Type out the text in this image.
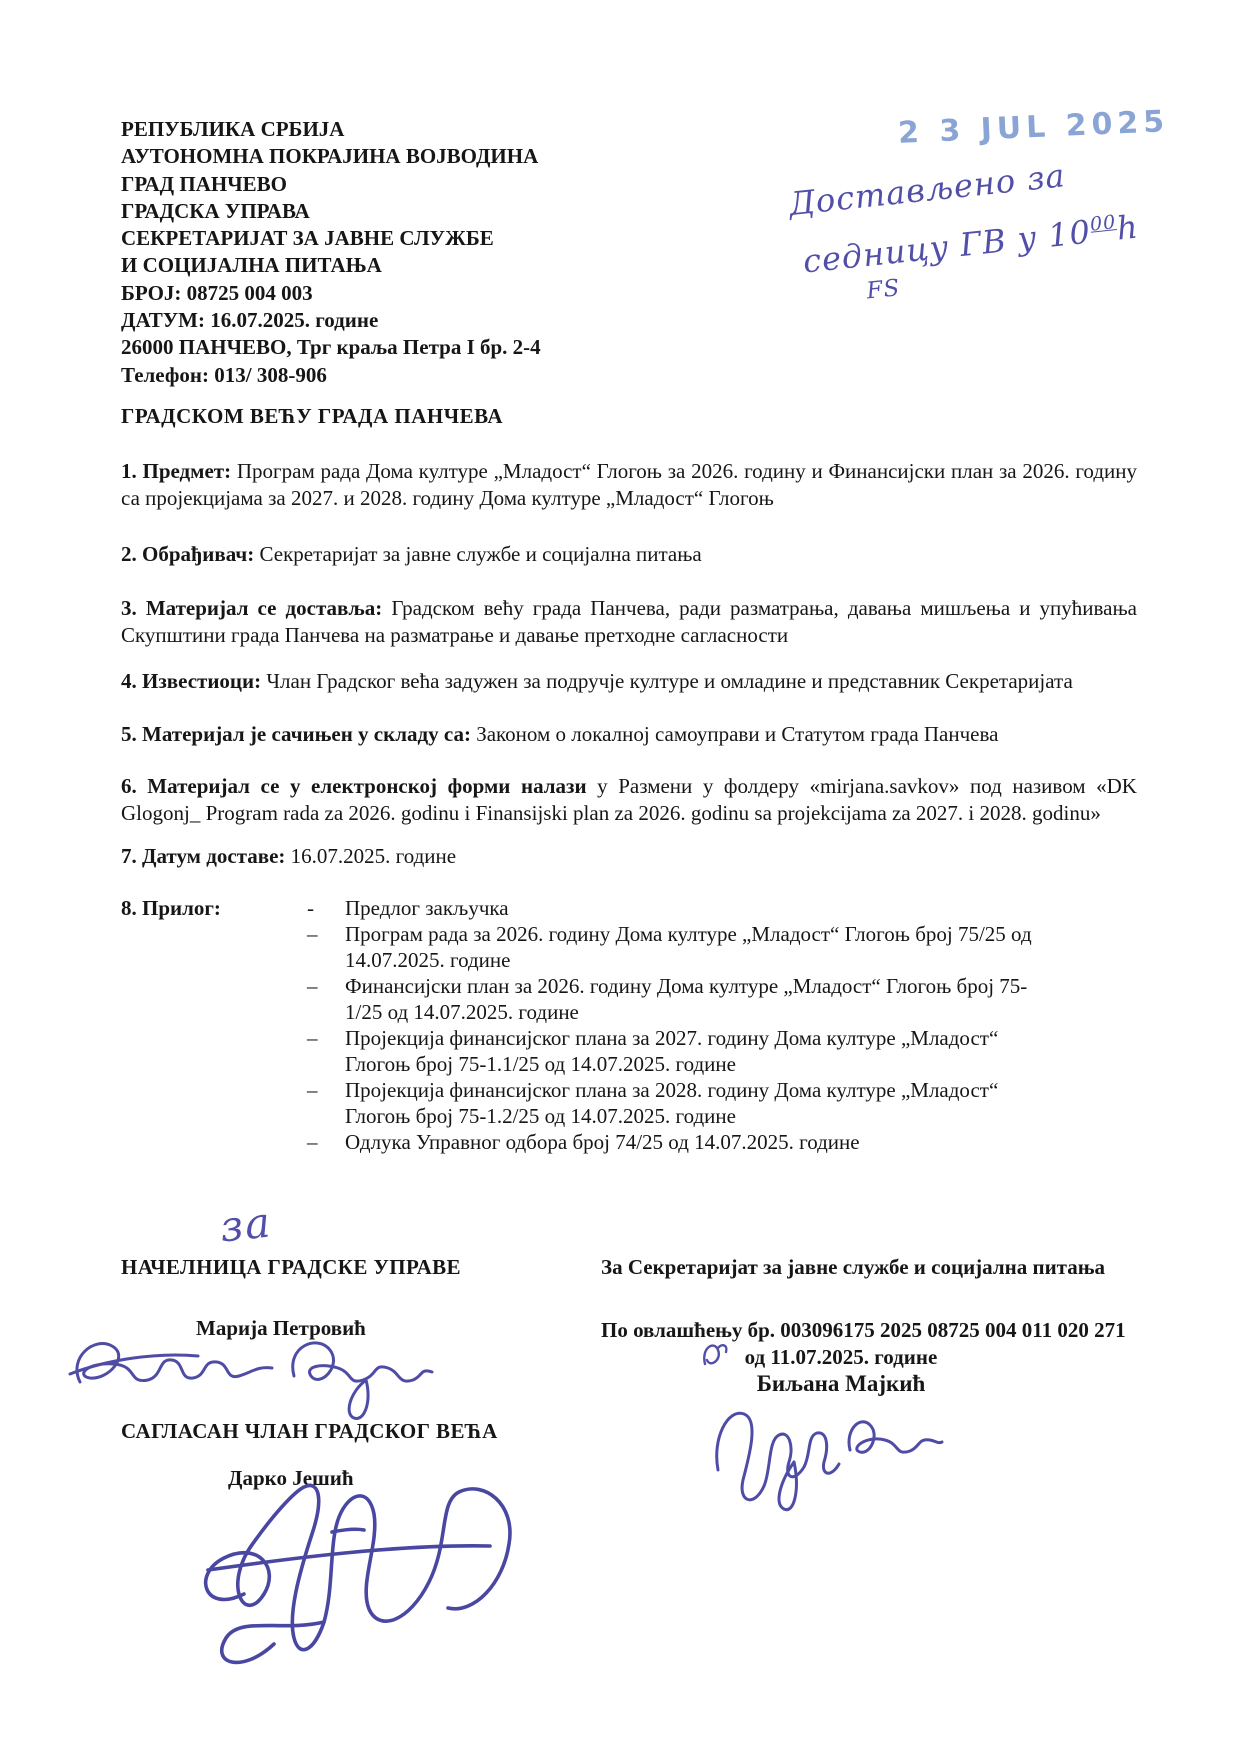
РЕПУБЛИКА СРБИЈА
АУТОНОМНА ПОКРАЈИНА ВОЈВОДИНА
ГРАД ПАНЧЕВО
ГРАДСКА УПРАВА
СЕКРЕТАРИЈАТ ЗА ЈАВНЕ СЛУЖБЕ
И СОЦИЈАЛНА ПИТАЊА
БРОЈ: 08725 004 003
ДАТУМ: 16.07.2025. године
26000 ПАНЧЕВО, Трг краља Петра I бр. 2-4
Телефон: 013/ 308-906
2 3 JUL 2025
Достављено за
седницу ГВ у $10^{00}h$
FS
ГРАДСКОМ ВЕЋУ ГРАДА ПАНЧЕВА
1. Предмет: Програм рада Дома културе „Младост“ Глогоњ за 2026. годину и Финансијски план за 2026. годину са пројекцијама за 2027. и 2028. годину Дома културе „Младост“ Глогоњ
2. Обрађивач: Секретаријат за јавне службе и социјална питања
3. Материјал се доставља: Градском већу града Панчева, ради разматрања, давања мишљења и упућивања Скупштини града Панчева на разматрање и давање претходне сагласности
4. Известиоци: Члан Градског већа задужен за подручје културе и омладине и представник Секретаријата
5. Материјал је сачињен у складу са: Законом о локалној самоуправи и Статутом града Панчева
6. Материјал се у електронској форми налази у Размени у фолдеру «mirjana.savkov» под називом «DK Glogonj_ Program rada za 2026. godinu i Finansijski plan za 2026. godinu sa projekcijama za 2027. i 2028. godinu»
7. Датум доставе: 16.07.2025. године
8. Прилог:	-	Предлог закључка
–	Програм рада за 2026. годину Дома културе „Младост“ Глогоњ број 75/25 од 14.07.2025. године
–	Финансијски план за 2026. годину Дома културе „Младост“ Глогоњ број 75-1/25 од 14.07.2025. године
–	Пројекција финансијског плана за 2027. годину Дома културе „Младост“ Глогоњ број 75-1.1/25 од 14.07.2025. године
–	Пројекција финансијског плана за 2028. годину Дома културе „Младост“ Глогоњ број 75-1.2/25 од 14.07.2025. године
–	Одлука Управног одбора број 74/25 од 14.07.2025. године
за
НАЧЕЛНИЦА ГРАДСКЕ УПРАВЕ
Марија Петровић
За Секретаријат за јавне службе и социјална питања
По овлашћењу бр. 003096175 2025 08725 004 011 020 271
од 11.07.2025. године
Биљана Мајкић
САГЛАСАН ЧЛАН ГРАДСКОГ ВЕЋА
Дарко Јешић
